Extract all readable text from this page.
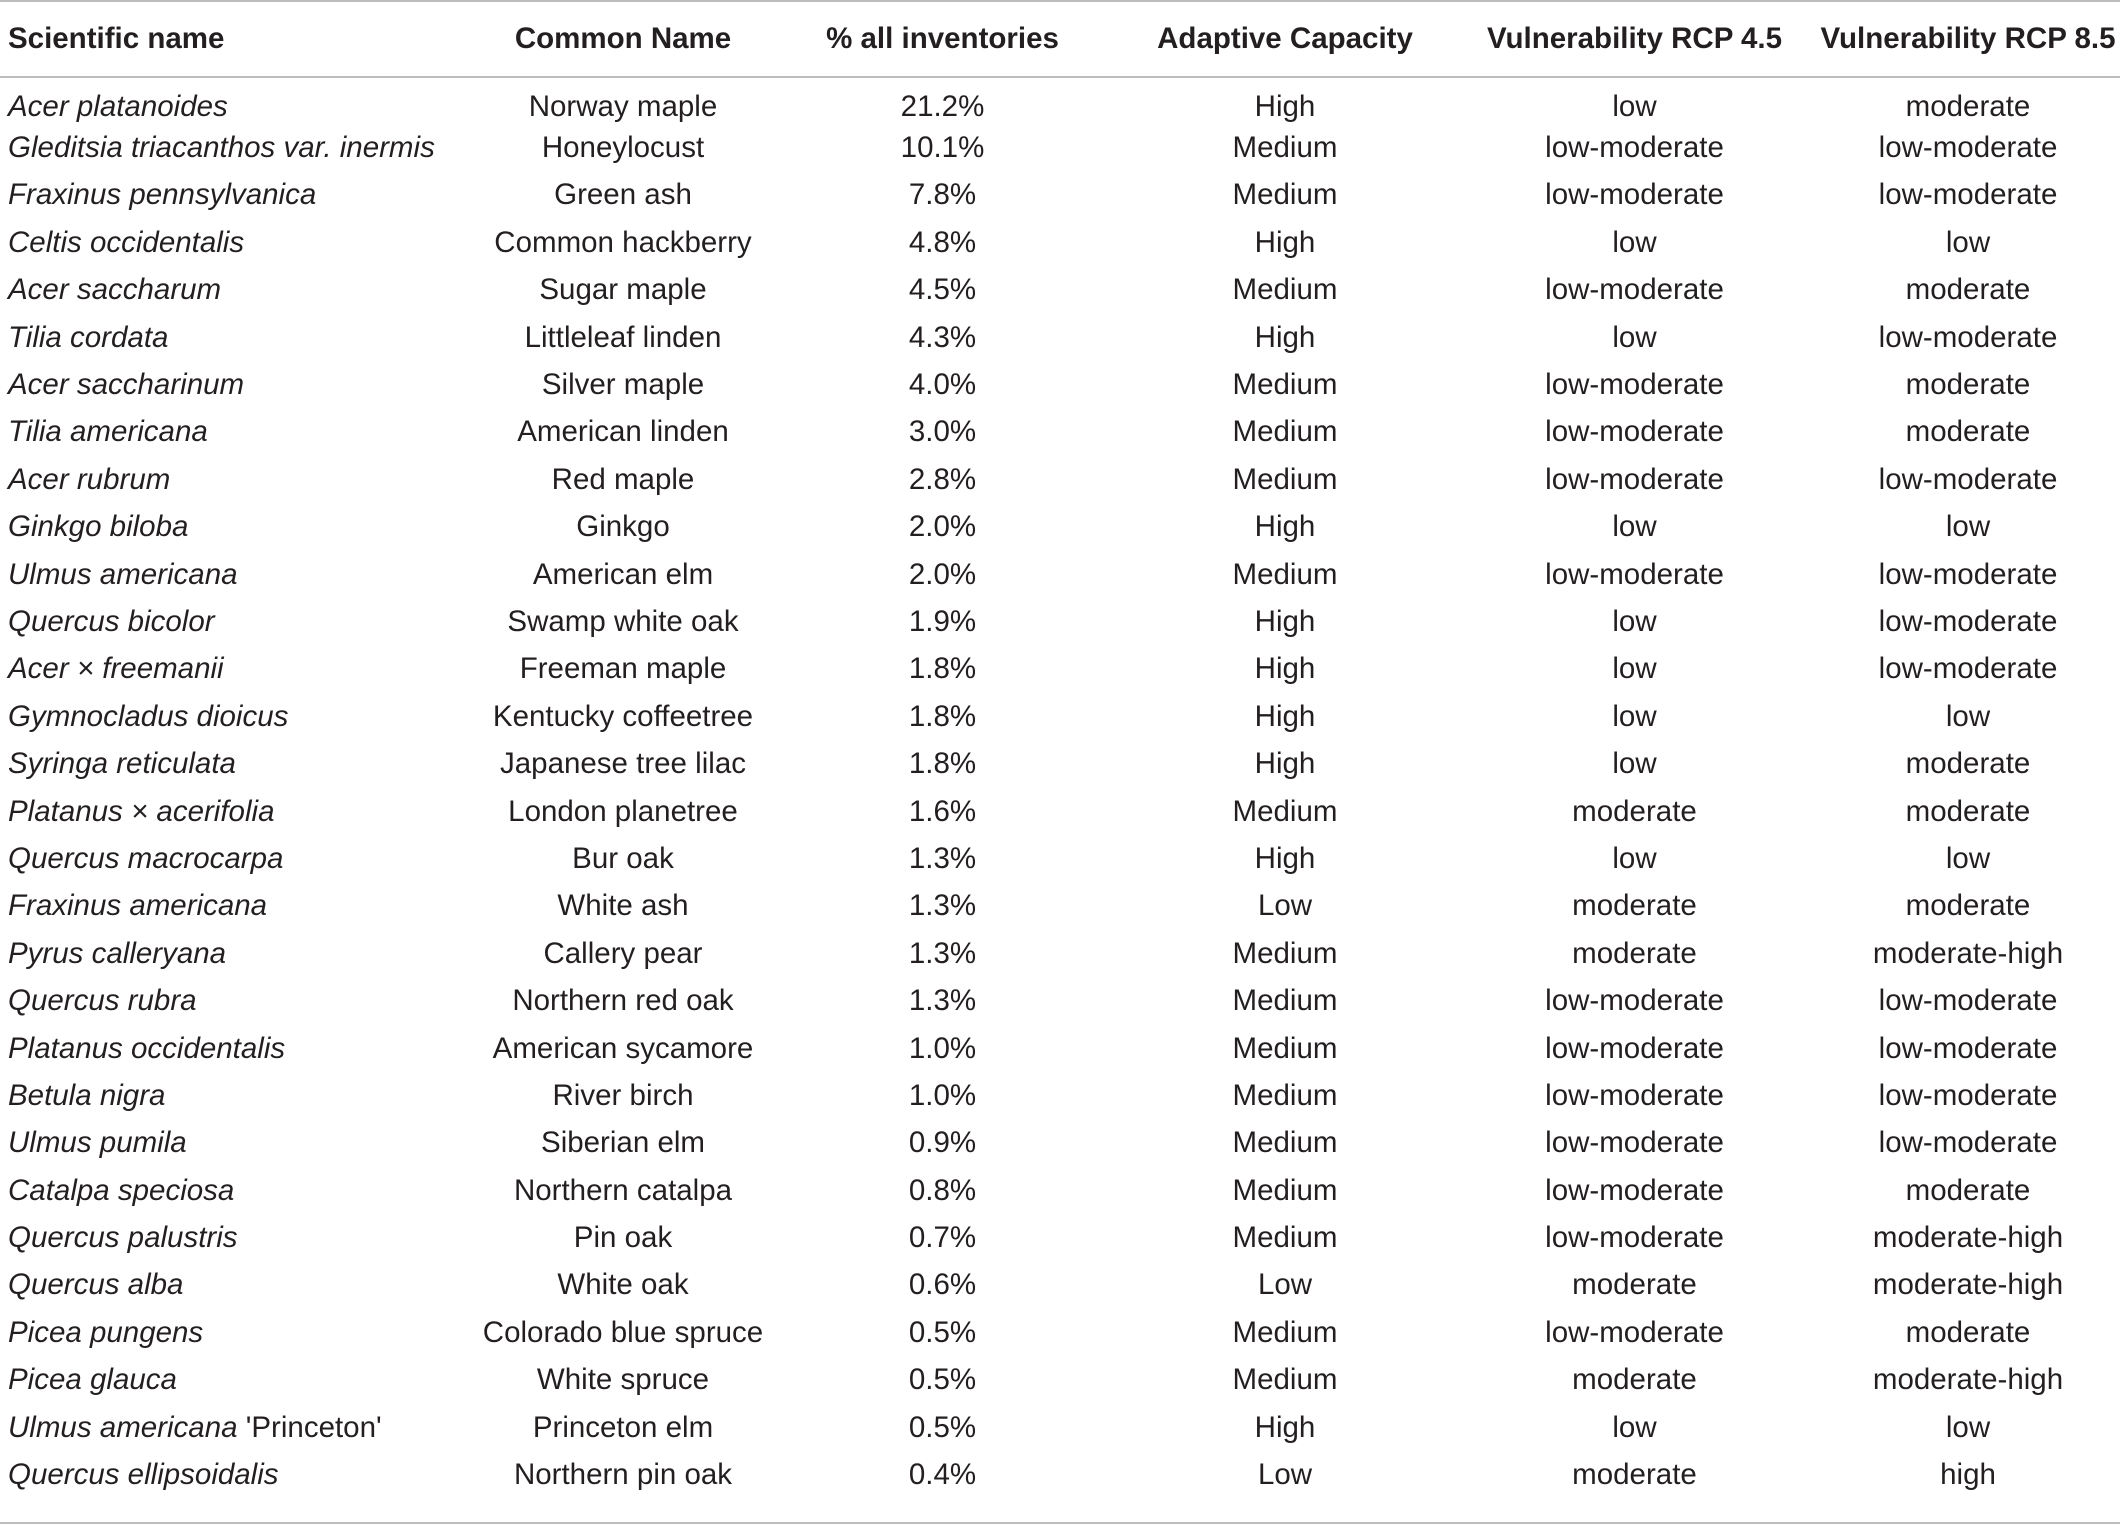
Scientific name	Common Name	% all inventories	Adaptive Capacity	Vulnerability RCP 4.5	Vulnerability RCP 8.5
Acer platanoides	Norway maple	21.2%	High	low	moderate
Gleditsia triacanthos var. inermis	Honeylocust	10.1%	Medium	low-moderate	low-moderate
Fraxinus pennsylvanica	Green ash	7.8%	Medium	low-moderate	low-moderate
Celtis occidentalis	Common hackberry	4.8%	High	low	low
Acer saccharum	Sugar maple	4.5%	Medium	low-moderate	moderate
Tilia cordata	Littleleaf linden	4.3%	High	low	low-moderate
Acer saccharinum	Silver maple	4.0%	Medium	low-moderate	moderate
Tilia americana	American linden	3.0%	Medium	low-moderate	moderate
Acer rubrum	Red maple	2.8%	Medium	low-moderate	low-moderate
Ginkgo biloba	Ginkgo	2.0%	High	low	low
Ulmus americana	American elm	2.0%	Medium	low-moderate	low-moderate
Quercus bicolor	Swamp white oak	1.9%	High	low	low-moderate
Acer × freemanii	Freeman maple	1.8%	High	low	low-moderate
Gymnocladus dioicus	Kentucky coffeetree	1.8%	High	low	low
Syringa reticulata	Japanese tree lilac	1.8%	High	low	moderate
Platanus × acerifolia	London planetree	1.6%	Medium	moderate	moderate
Quercus macrocarpa	Bur oak	1.3%	High	low	low
Fraxinus americana	White ash	1.3%	Low	moderate	moderate
Pyrus calleryana	Callery pear	1.3%	Medium	moderate	moderate-high
Quercus rubra	Northern red oak	1.3%	Medium	low-moderate	low-moderate
Platanus occidentalis	American sycamore	1.0%	Medium	low-moderate	low-moderate
Betula nigra	River birch	1.0%	Medium	low-moderate	low-moderate
Ulmus pumila	Siberian elm	0.9%	Medium	low-moderate	low-moderate
Catalpa speciosa	Northern catalpa	0.8%	Medium	low-moderate	moderate
Quercus palustris	Pin oak	0.7%	Medium	low-moderate	moderate-high
Quercus alba	White oak	0.6%	Low	moderate	moderate-high
Picea pungens	Colorado blue spruce	0.5%	Medium	low-moderate	moderate
Picea glauca	White spruce	0.5%	Medium	moderate	moderate-high
Ulmus americana 'Princeton'	Princeton elm	0.5%	High	low	low
Quercus ellipsoidalis	Northern pin oak	0.4%	Low	moderate	high
